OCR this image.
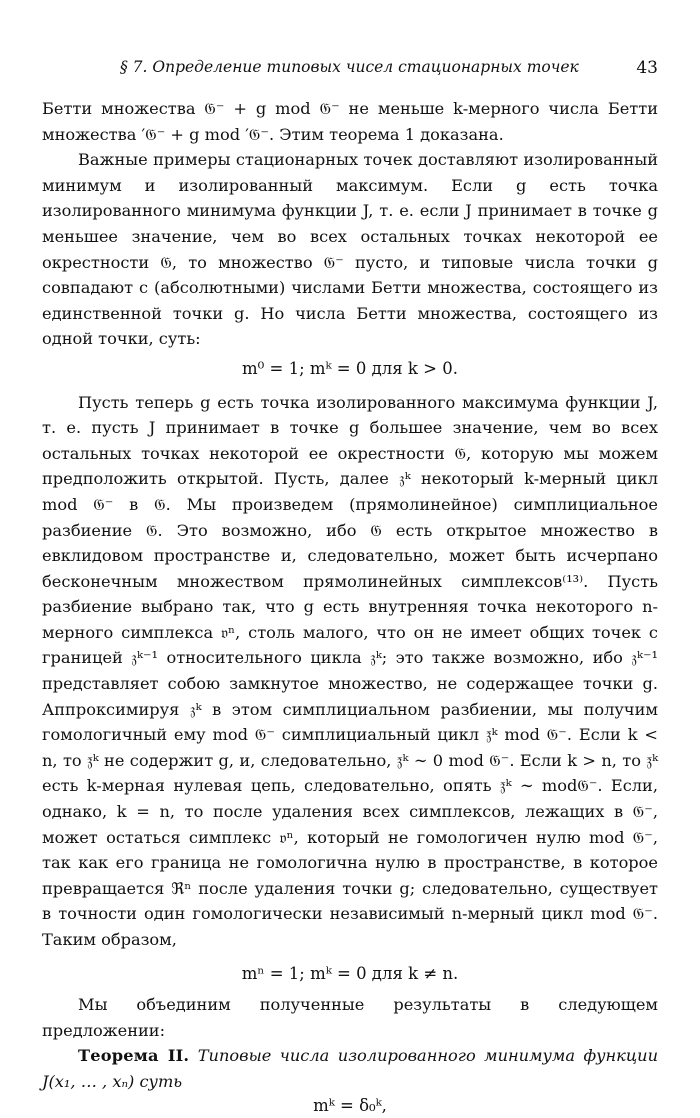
§ 7. Определение типовых чисел стационарных точек	43

Бетти множества 𝔊⁻ + g mod 𝔊⁻ не меньше k-мерного числа Бетти множества ′𝔊⁻ + g mod ′𝔊⁻. Этим теорема 1 доказана.

Важные примеры стационарных точек доставляют изолированный минимум и изолированный максимум. Если g есть точка изолированного минимума функции J, т. е. если J принимает в точке g меньшее значение, чем во всех остальных точках некоторой ее окрестности 𝔊, то множество 𝔊⁻ пусто, и типовые числа точки g совпадают с (абсолютными) числами Бетти множества, состоящего из единственной точки g. Но числа Бетти множества, состоящего из одной точки, суть:

m⁰ = 1; mᵏ = 0 для k > 0.

Пусть теперь g есть точка изолированного максимума функции J, т. е. пусть J принимает в точке g большее значение, чем во всех остальных точках некоторой ее окрестности 𝔊, которую мы можем предположить открытой. Пусть, далее 𝔷ᵏ некоторый k-мерный цикл mod 𝔊⁻ в 𝔊. Мы произведем (прямолинейное) симплициальное разбиение 𝔊. Это возможно, ибо 𝔊 есть открытое множество в евклидовом пространстве и, следовательно, может быть исчерпано бесконечным множеством прямолинейных симплексов⁽¹³⁾. Пусть разбиение выбрано так, что g есть внутренняя точка некоторого n-мерного симплекса 𝔳ⁿ, столь малого, что он не имеет общих точек с границей 𝔷ᵏ⁻¹ относительного цикла 𝔷ᵏ; это также возможно, ибо 𝔷ᵏ⁻¹ представляет собою замкнутое множество, не содержащее точки g. Аппроксимируя 𝔷ᵏ в этом симплициальном разбиении, мы получим гомологичный ему mod 𝔊⁻ симплициальный цикл 𝔷̄ᵏ mod 𝔊⁻. Если k < n, то 𝔷̄ᵏ не содержит g, и, следовательно, 𝔷̄ᵏ ∼ 0 mod 𝔊⁻. Если k > n, то 𝔷̄ᵏ есть k-мерная нулевая цепь, следовательно, опять 𝔷̄ᵏ ∼ mod𝔊⁻. Если, однако, k = n, то после удаления всех симплексов, лежащих в 𝔊⁻, может остаться симплекс 𝔳ⁿ, который не гомологичен нулю mod 𝔊⁻, так как его граница не гомологична нулю в пространстве, в которое превращается ℜⁿ после удаления точки g; следовательно, существует в точности один гомологически независимый n-мерный цикл mod 𝔊⁻. Таким образом,

mⁿ = 1; mᵏ = 0 для k ≠ n.

Мы объединим полученные результаты в следующем предложении:

Теорема II. Типовые числа изолированного минимума функции J(x₁, … , xₙ) суть

mᵏ = δ₀ᵏ,
